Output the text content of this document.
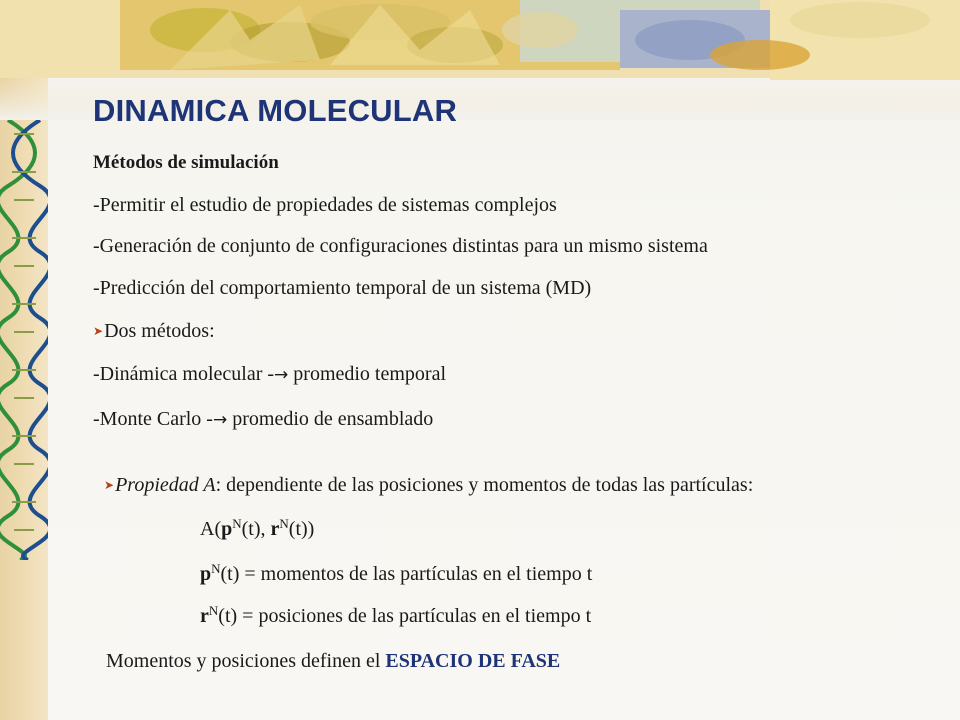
DINAMICA MOLECULAR
Métodos de simulación
-Permitir el estudio de propiedades de sistemas complejos
-Generación de conjunto de configuraciones distintas para un mismo sistema
-Predicción del comportamiento temporal de un sistema (MD)
➤Dos métodos:
-Dinámica molecular -→ promedio temporal
-Monte Carlo -→ promedio de ensamblado
➤Propiedad A: dependiente de las posiciones y momentos de todas las partículas:
$A(p^N(t)$, $r^N(t)$)
$p^N(t)$ = momentos de las partículas en el tiempo t
$r^N(t)$ = posiciones de las partículas en el tiempo t
Momentos y posiciones definen el ESPACIO DE FASE
